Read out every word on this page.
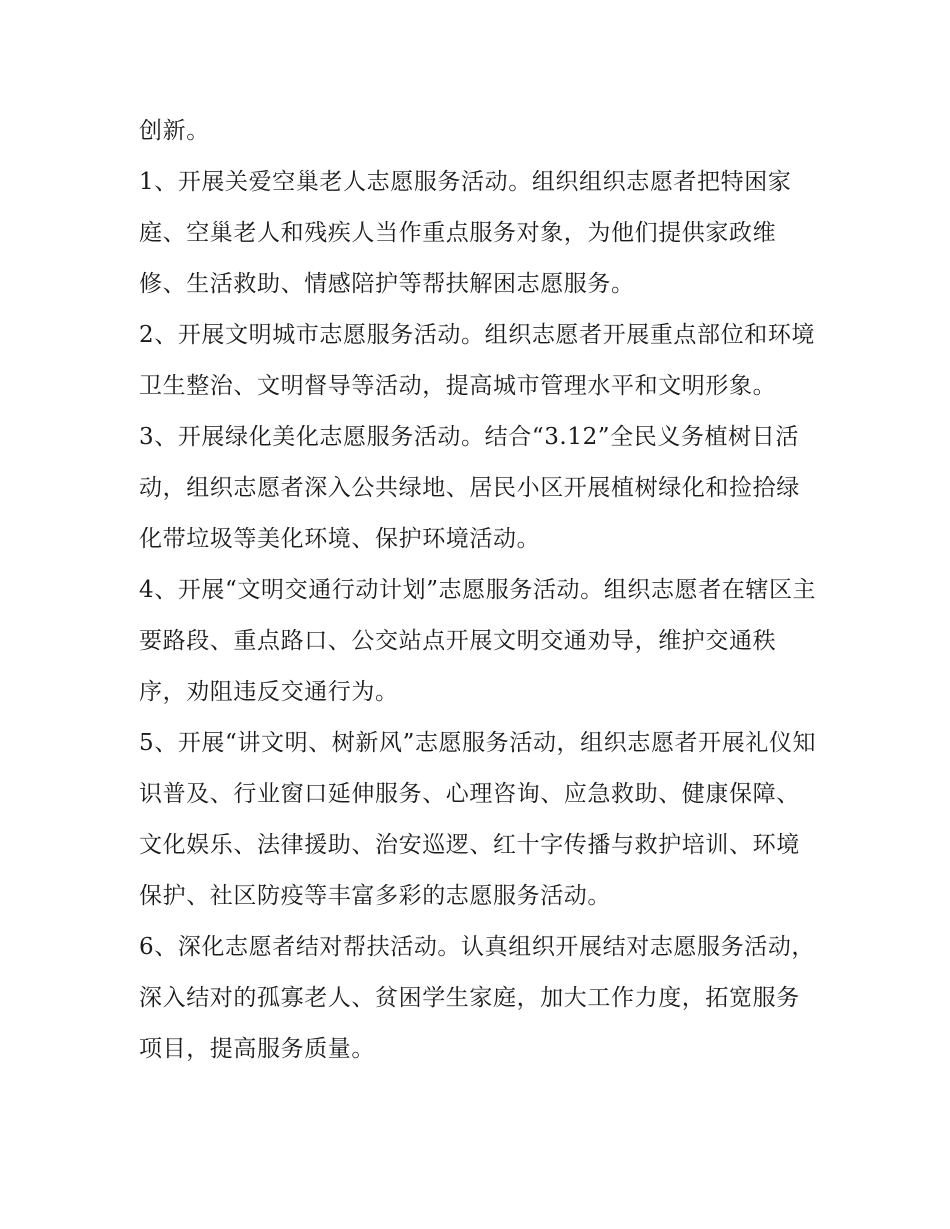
创新。

1、开展关爱空巢老人志愿服务活动。组织组织志愿者把特困家庭、空巢老人和残疾人当作重点服务对象，为他们提供家政维修、生活救助、情感陪护等帮扶解困志愿服务。

2、开展文明城市志愿服务活动。组织志愿者开展重点部位和环境卫生整治、文明督导等活动，提高城市管理水平和文明形象。

3、开展绿化美化志愿服务活动。结合“3.12”全民义务植树日活动，组织志愿者深入公共绿地、居民小区开展植树绿化和捡拾绿化带垃圾等美化环境、保护环境活动。

4、开展“文明交通行动计划”志愿服务活动。组织志愿者在辖区主要路段、重点路口、公交站点开展文明交通劝导，维护交通秩序，劝阻违反交通行为。

5、开展“讲文明、树新风”志愿服务活动，组织志愿者开展礼仪知识普及、行业窗口延伸服务、心理咨询、应急救助、健康保障、文化娱乐、法律援助、治安巡逻、红十字传播与救护培训、环境保护、社区防疫等丰富多彩的志愿服务活动。

6、深化志愿者结对帮扶活动。认真组织开展结对志愿服务活动，深入结对的孤寡老人、贫困学生家庭，加大工作力度，拓宽服务项目，提高服务质量。
